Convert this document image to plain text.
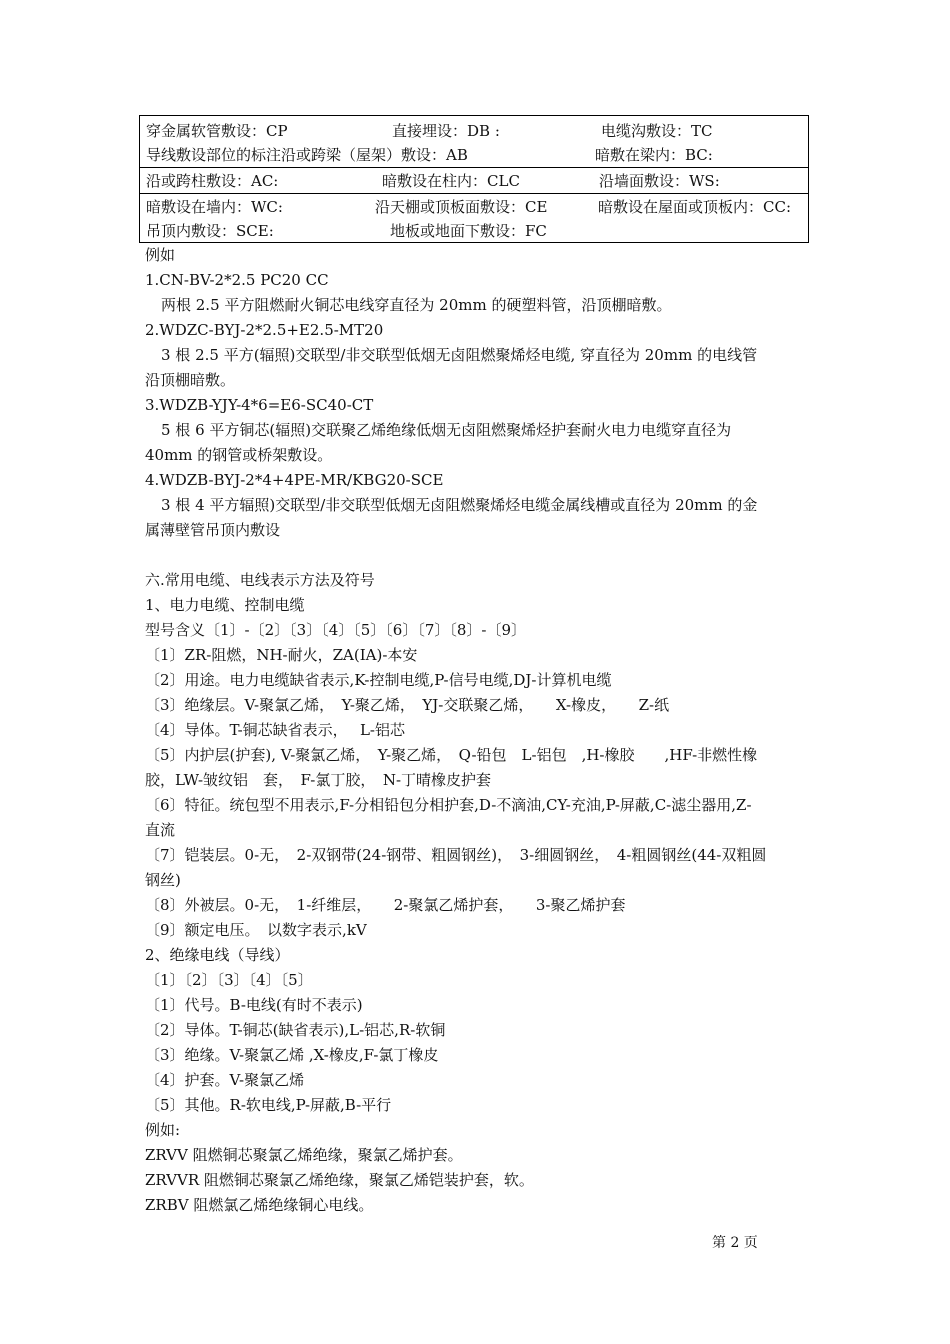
穿金属软管敷设：CP	直接埋设：DB :	电缆沟敷设：TC
导线敷设部位的标注沿或跨梁（屋架）敷设：AB	暗敷在梁内：BC:
沿或跨柱敷设：AC:	暗敷设在柱内：CLC	沿墙面敷设：WS:
暗敷设在墙内：WC:	沿天棚或顶板面敷设：CE	暗敷设在屋面或顶板内：CC:
吊顶内敷设：SCE:	地板或地面下敷设：FC
例如
1.CN-BV-2*2.5 PC20 CC
两根 2.5 平方阻燃耐火铜芯电线穿直径为 20mm 的硬塑料管，沿顶棚暗敷。
2.WDZC-BYJ-2*2.5+E2.5-MT20
3 根 2.5 平方(辐照)交联型/非交联型低烟无卤阻燃聚烯烃电缆, 穿直径为 20mm 的电线管
沿顶棚暗敷。
3.WDZB-YJY-4*6=E6-SC40-CT
5 根 6 平方铜芯(辐照)交联聚乙烯绝缘低烟无卤阻燃聚烯烃护套耐火电力电缆穿直径为
40mm 的钢管或桥架敷设。
4.WDZB-BYJ-2*4+4PE-MR/KBG20-SCE
3 根 4 平方辐照)交联型/非交联型低烟无卤阻燃聚烯烃电缆金属线槽或直径为 20mm 的金
属薄壁管吊顶内敷设
六.常用电缆、电线表示方法及符号
1、电力电缆、控制电缆
型号含义〔1〕-〔2〕〔3〕〔4〕〔5〕〔6〕〔7〕〔8〕-〔9〕
〔1〕ZR-阻燃，NH-耐火，ZA(IA)-本安
〔2〕用途。电力电缆缺省表示,K-控制电缆,P-信号电缆,DJ-计算机电缆
〔3〕绝缘层。V-聚氯乙烯，　Y-聚乙烯，　YJ-交联聚乙烯，　　X-橡皮，　　Z-纸
〔4〕导体。T-铜芯缺省表示，　 L-铝芯
〔5〕内护层(护套), V-聚氯乙烯，　Y-聚乙烯，　Q-铅包　L-铝包　,H-橡胶　　,HF-非燃性橡
胶，LW-皱纹铝　套，　F-氯丁胶，　N-丁晴橡皮护套
〔6〕特征。统包型不用表示,F-分相铅包分相护套,D-不滴油,CY-充油,P-屏蔽,C-滤尘器用,Z-
直流
〔7〕铠装层。0-无，　2-双钢带(24-钢带、粗圆钢丝)，　3-细圆钢丝，　4-粗圆钢丝(44-双粗圆
钢丝)
〔8〕外被层。0-无，　1-纤维层，　　2-聚氯乙烯护套，　　3-聚乙烯护套
〔9〕额定电压。　以数字表示,kV
2、绝缘电线（导线）
〔1〕〔2〕〔3〕〔4〕〔5〕
〔1〕代号。B-电线(有时不表示)
〔2〕导体。T-铜芯(缺省表示),L-铝芯,R-软铜
〔3〕绝缘。V-聚氯乙烯 ,X-橡皮,F-氯丁橡皮
〔4〕护套。V-聚氯乙烯
〔5〕其他。R-软电线,P-屏蔽,B-平行
例如:
ZRVV 阻燃铜芯聚氯乙烯绝缘，聚氯乙烯护套。
ZRVVR 阻燃铜芯聚氯乙烯绝缘，聚氯乙烯铠装护套，软。
ZRBV 阻燃氯乙烯绝缘铜心电线。
第 2 页
